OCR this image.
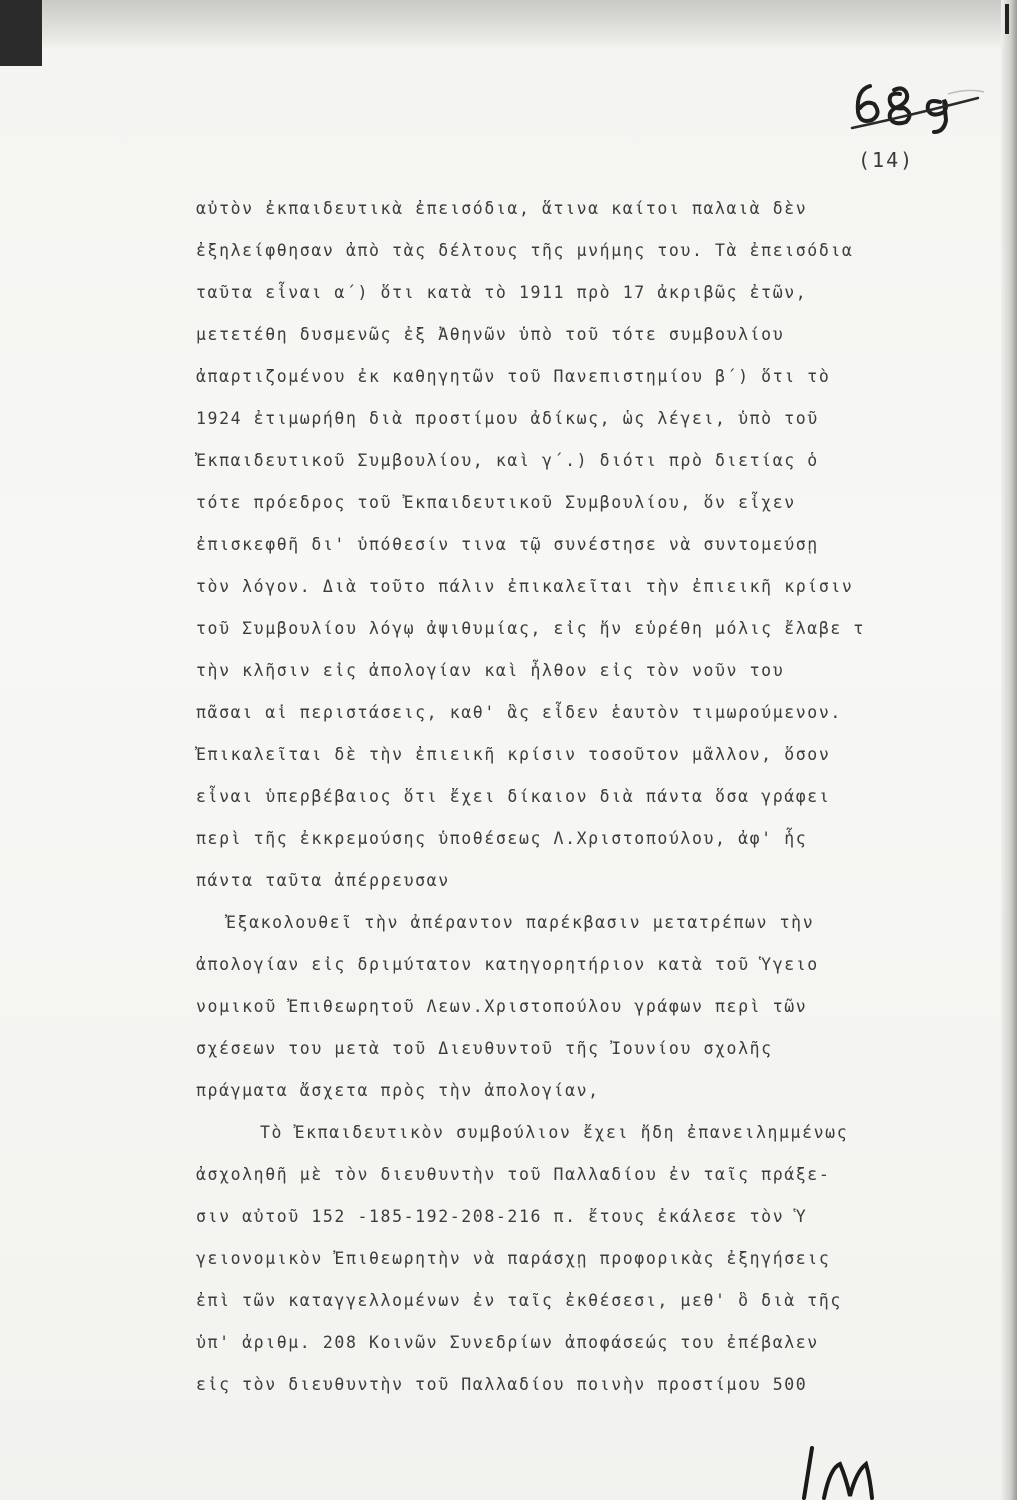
(14)
αὐτὸν ἐκπαιδευτικὰ ἐπεισόδια, ἅτινα καίτοι παλαιὰ δὲν
ἐξηλείφθησαν ἀπὸ τὰς δέλτους τῆς μνήμης του. Τὰ ἐπεισόδια
ταῦτα εἶναι α΄) ὅτι κατὰ τὸ 1911 πρὸ 17 ἀκριβῶς ἐτῶν,
μετετέθη δυσμενῶς ἐξ Ἀθηνῶν ὑπὸ τοῦ τότε συμβουλίου
ἀπαρτιζομένου ἐκ καθηγητῶν τοῦ Πανεπιστημίου β΄) ὅτι τὸ
1924 ἐτιμωρήθη διὰ προστίμου ἀδίκως, ὡς λέγει, ὑπὸ τοῦ
Ἐκπαιδευτικοῦ Συμβουλίου, καὶ γ΄.) διότι πρὸ διετίας ὁ
τότε πρόεδρος τοῦ Ἐκπαιδευτικοῦ Συμβουλίου, ὅν εἶχεν
ἐπισκεφθῆ δι' ὑπόθεσίν τινα τῷ συνέστησε νὰ συντομεύσῃ
τὸν λόγον. Διὰ τοῦτο πάλιν ἐπικαλεῖται τὴν ἐπιεικῆ κρίσιν
τοῦ Συμβουλίου λόγῳ ἀψιθυμίας, εἰς ἥν εὑρέθη μόλις ἔλαβε τ
τὴν κλῆσιν εἰς ἀπολογίαν καὶ ἦλθον εἰς τὸν νοῦν του
πᾶσαι αἱ περιστάσεις, καθ' ἃς εἶδεν ἑαυτὸν τιμωρούμενον.
Ἐπικαλεῖται δὲ τὴν ἐπιεικῆ κρίσιν τοσοῦτον μᾶλλον, ὅσον
εἶναι ὑπερβέβαιος ὅτι ἔχει δίκαιον διὰ πάντα ὅσα γράφει
περὶ τῆς ἐκκρεμούσης ὑποθέσεως Λ.Χριστοπούλου, ἀφ' ἧς
πάντα ταῦτα ἀπέρρευσαν
Ἐξακολουθεῖ τὴν ἀπέραντον παρέκβασιν μετατρέπων τὴν
ἀπολογίαν εἰς δριμύτατον κατηγορητήριον κατὰ τοῦ Ὑγειο
νομικοῦ Ἐπιθεωρητοῦ Λεων.Χριστοπούλου γράφων περὶ τῶν
σχέσεων του μετὰ τοῦ Διευθυντοῦ τῆς Ἰουνίου σχολῆς
πράγματα ἄσχετα πρὸς τὴν ἀπολογίαν,
Τὸ Ἐκπαιδευτικὸν συμβούλιον ἔχει ἤδη ἐπανειλημμένως
ἀσχοληθῆ μὲ τὸν διευθυντὴν τοῦ Παλλαδίου ἐν ταῖς πράξε-
σιν αὐτοῦ 152 -185-192-208-216 π. ἔτους ἐκάλεσε τὸν Ὑ
γειονομικὸν Ἐπιθεωρητὴν νὰ παράσχῃ προφορικὰς ἐξηγήσεις
ἐπὶ τῶν καταγγελλομένων ἐν ταῖς ἐκθέσεσι, μεθ' ὃ διὰ τῆς
ὑπ' ἀριθμ. 208 Κοινῶν Συνεδρίων ἀποφάσεώς του ἐπέβαλεν
εἰς τὸν διευθυντὴν τοῦ Παλλαδίου ποινὴν προστίμου 500
